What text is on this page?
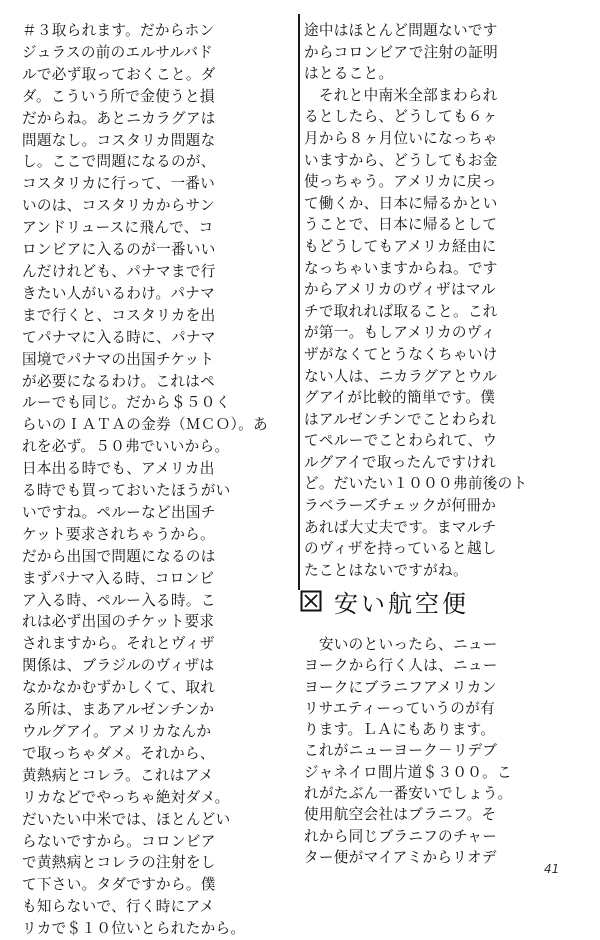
＃３取られます。だからホン
ジュラスの前のエルサルバド
ルで必ず取っておくこと。ダ
ダ。こういう所で金使うと損
だからね。あとニカラグアは
問題なし。コスタリカ問題な
し。ここで問題になるのが、
コスタリカに行って、一番い
いのは、コスタリカからサン
アンドリュースに飛んで、コ
ロンビアに入るのが一番いい
んだけれども、パナマまで行
きたい人がいるわけ。パナマ
まで行くと、コスタリカを出
てパナマに入る時に、パナマ
国境でパナマの出国チケット
が必要になるわけ。これはペ
ルーでも同じ。だから＄５０く
らいのＩＡＴＡの金券（ＭＣＯ）。あ
れを必ず。５０弗でいいから。
日本出る時でも、アメリカ出
る時でも買っておいたほうがい
いですね。ペルーなど出国チ
ケット要求されちゃうから。
だから出国で問題になるのは
まずパナマ入る時、コロンビ
ア入る時、ペルー入る時。こ
れは必ず出国のチケット要求
されますから。それとヴィザ
関係は、ブラジルのヴィザは
なかなかむずかしくて、取れ
る所は、まあアルゼンチンか
ウルグアイ。アメリカなんか
で取っちゃダメ。それから、
黄熱病とコレラ。これはアメ
リカなどでやっちゃ絶対ダメ。
だいたい中米では、ほとんどい
らないですから。コロンビア
で黄熱病とコレラの注射をし
て下さい。タダですから。僕
も知らないで、行く時にアメ
リカで＄１０位いとられたから。
途中はほとんど問題ないです
からコロンビアで注射の証明
はとること。
　それと中南米全部まわられ
るとしたら、どうしても６ヶ
月から８ヶ月位いになっちゃ
いますから、どうしてもお金
使っちゃう。アメリカに戻っ
て働くか、日本に帰るかとい
うことで、日本に帰るとして
もどうしてもアメリカ経由に
なっちゃいますからね。です
からアメリカのヴィザはマル
チで取れれば取ること。これ
が第一。もしアメリカのヴィ
ザがなくてとうなくちゃいけ
ない人は、ニカラグアとウル
グアイが比較的簡単です。僕
はアルゼンチンでことわられ
てペルーでことわられて、ウ
ルグアイで取ったんですけれ
ど。だいたい１０００弗前後のト
ラベラーズチェックが何冊か
あれば大丈夫です。まマルチ
のヴィザを持っていると越し
たことはないですがね。
安い航空便
　安いのといったら、ニュー
ヨークから行く人は、ニュー
ヨークにブラニフアメリカン
リサエティーっていうのが有
ります。ＬＡにもあります。
これがニューヨーク－リデブ
ジャネイロ間片道＄３００。こ
れがたぶん一番安いでしょう。
使用航空会社はブラニフ。そ
れから同じブラニフのチャー
ター便がマイアミからリオデ
41
